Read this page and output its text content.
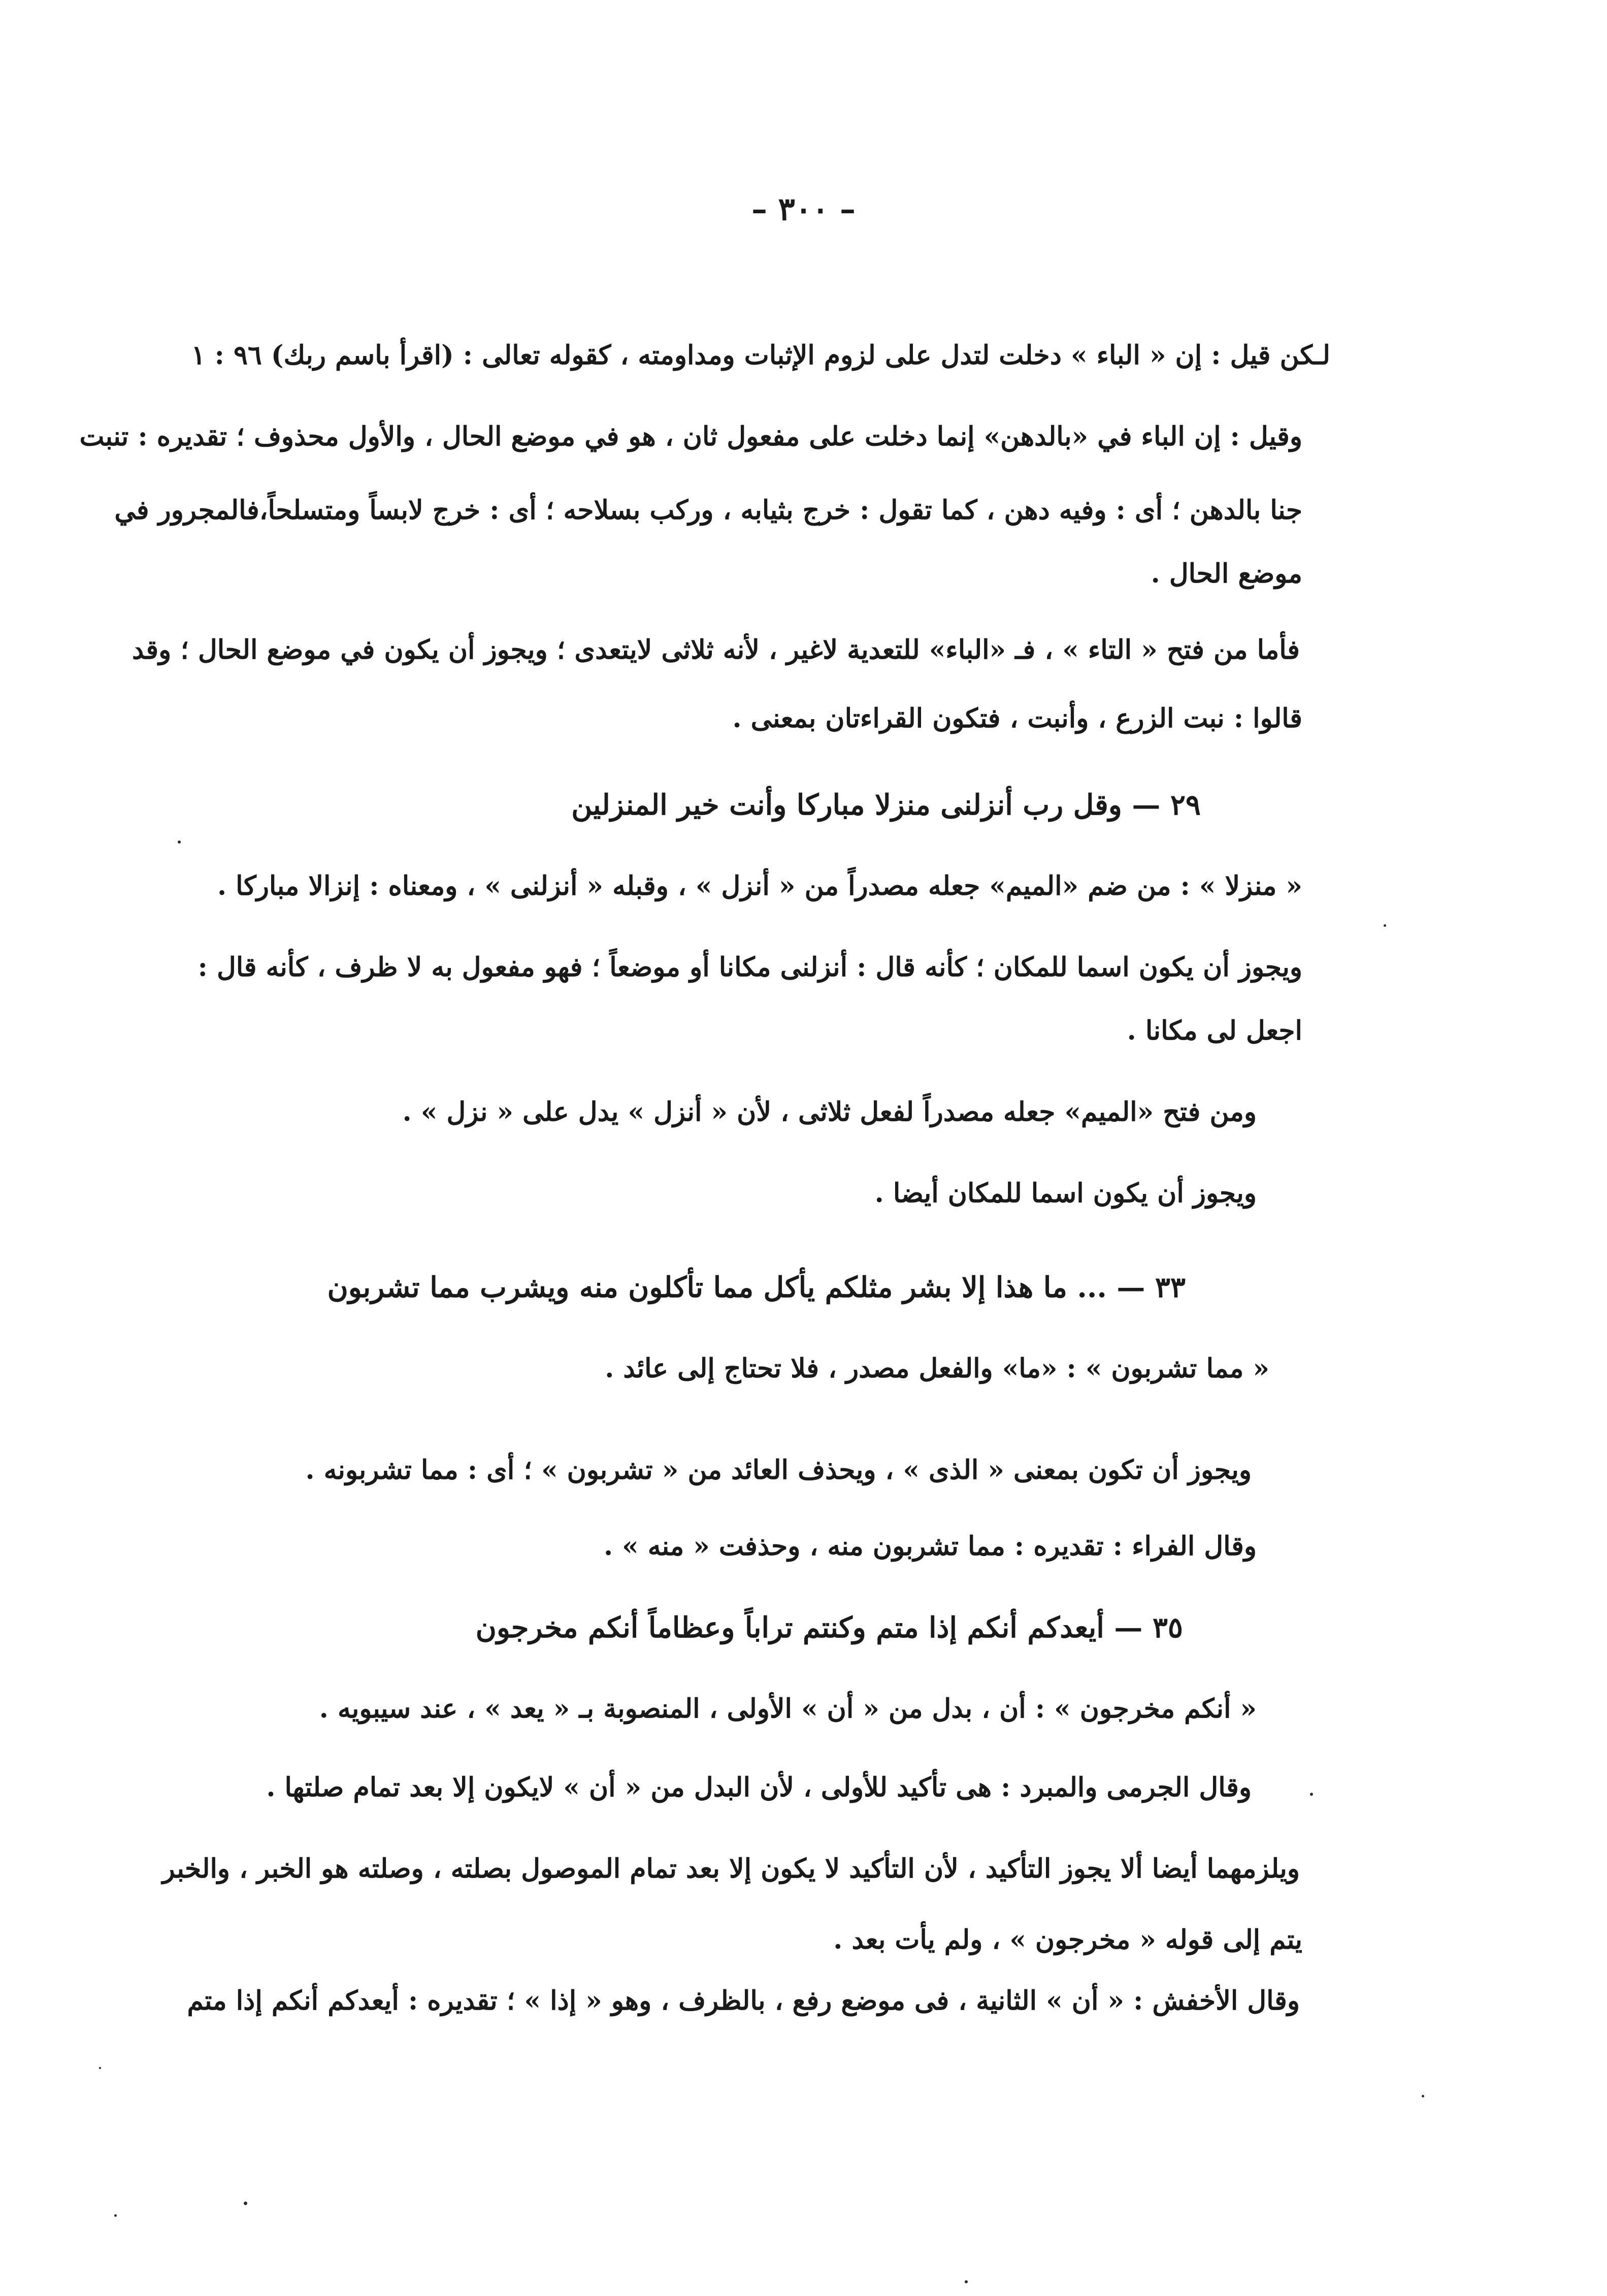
– ٣٠٠ –
لـكن قيل : إن « الباء » دخلت لتدل على لزوم الإثبات ومداومته ، كقوله تعالى : (اقرأ باسم ربك) ٩٦ : ١
وقيل : إن الباء في «بالدهن» إنما دخلت على مفعول ثان ، هو في موضع الحال ، والأول محذوف ؛ تقديره : تنبت
جنا بالدهن ؛ أى : وفيه دهن ، كما تقول : خرج بثيابه ، وركب بسلاحه ؛ أى : خرج لابساً ومتسلحاً،فالمجرور في
موضع الحال .
فأما من فتح « التاء » ، فـ «الباء» للتعدية لاغير ، لأنه ثلاثى لايتعدى ؛ ويجوز أن يكون في موضع الحال ؛ وقد
قالوا : نبت الزرع ، وأنبت ، فتكون القراءتان بمعنى .
٢٩ — وقل رب أنزلنى منزلا مباركا وأنت خير المنزلين
« منزلا » : من ضم «الميم» جعله مصدراً من « أنزل » ، وقبله « أنزلنى » ، ومعناه : إنزالا مباركا .
ويجوز أن يكون اسما للمكان ؛ كأنه قال : أنزلنى مكانا أو موضعاً ؛ فهو مفعول به لا ظرف ، كأنه قال :
اجعل لى مكانا .
ومن فتح «الميم» جعله مصدراً لفعل ثلاثى ، لأن « أنزل » يدل على « نزل » .
ويجوز أن يكون اسما للمكان أيضا .
٣٣ — ... ما هذا إلا بشر مثلكم يأكل مما تأكلون منه ويشرب مما تشربون
« مما تشربون » : «ما» والفعل مصدر ، فلا تحتاج إلى عائد .
ويجوز أن تكون بمعنى « الذى » ، ويحذف العائد من « تشربون » ؛ أى : مما تشربونه .
وقال الفراء : تقديره : مما تشربون منه ، وحذفت « منه » .
٣٥ — أيعدكم أنكم إذا متم وكنتم تراباً وعظاماً أنكم مخرجون
« أنكم مخرجون » : أن ، بدل من « أن » الأولى ، المنصوبة بـ « يعد » ، عند سيبويه .
وقال الجرمى والمبرد : هى تأكيد للأولى ، لأن البدل من « أن » لايكون إلا بعد تمام صلتها .
ويلزمهما أيضا ألا يجوز التأكيد ، لأن التأكيد لا يكون إلا بعد تمام الموصول بصلته ، وصلته هو الخبر ، والخبر
يتم إلى قوله « مخرجون » ، ولم يأت بعد .
وقال الأخفش : « أن » الثانية ، فى موضع رفع ، بالظرف ، وهو « إذا » ؛ تقديره : أيعدكم أنكم إذا متم
